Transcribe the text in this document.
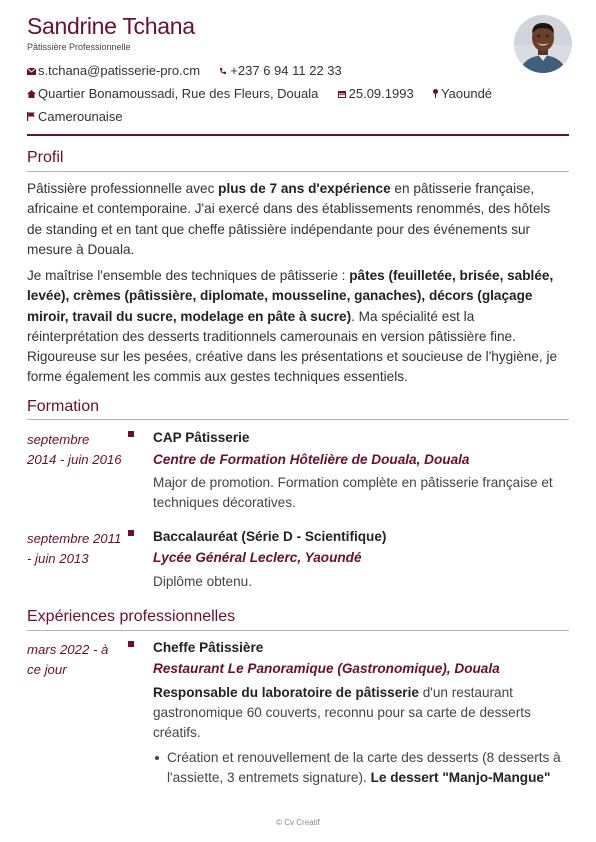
Sandrine Tchana
Pâtissière Professionnelle
s.tchana@patisserie-pro.cm +237 6 94 11 22 33
Quartier Bonamoussadi, Rue des Fleurs, Douala 25.09.1993 Yaoundé
Camerounaise
Profil
Pâtissière professionnelle avec plus de 7 ans d'expérience en pâtisserie française, africaine et contemporaine. J'ai exercé dans des établissements renommés, des hôtels de standing et en tant que cheffe pâtissière indépendante pour des événements sur mesure à Douala.
Je maîtrise l'ensemble des techniques de pâtisserie : pâtes (feuilletée, brisée, sablée, levée), crèmes (pâtissière, diplomate, mousseline, ganaches), décors (glaçage miroir, travail du sucre, modelage en pâte à sucre). Ma spécialité est la réinterprétation des desserts traditionnels camerounais en version pâtissière fine. Rigoureuse sur les pesées, créative dans les présentations et soucieuse de l'hygiène, je forme également les commis aux gestes techniques essentiels.
Formation
septembre 2014 - juin 2016
CAP Pâtisserie
Centre de Formation Hôtelière de Douala, Douala
Major de promotion. Formation complète en pâtisserie française et techniques décoratives.
septembre 2011 - juin 2013
Baccalauréat (Série D - Scientifique)
Lycée Général Leclerc, Yaoundé
Diplôme obtenu.
Expériences professionnelles
mars 2022 - à ce jour
Cheffe Pâtissière
Restaurant Le Panoramique (Gastronomique), Douala
Responsable du laboratoire de pâtisserie d'un restaurant gastronomique 60 couverts, reconnu pour sa carte de desserts créatifs.
Création et renouvellement de la carte des desserts (8 desserts à l'assiette, 3 entremets signature). Le dessert "Manjo-Mangue"
© Cv Creatif
